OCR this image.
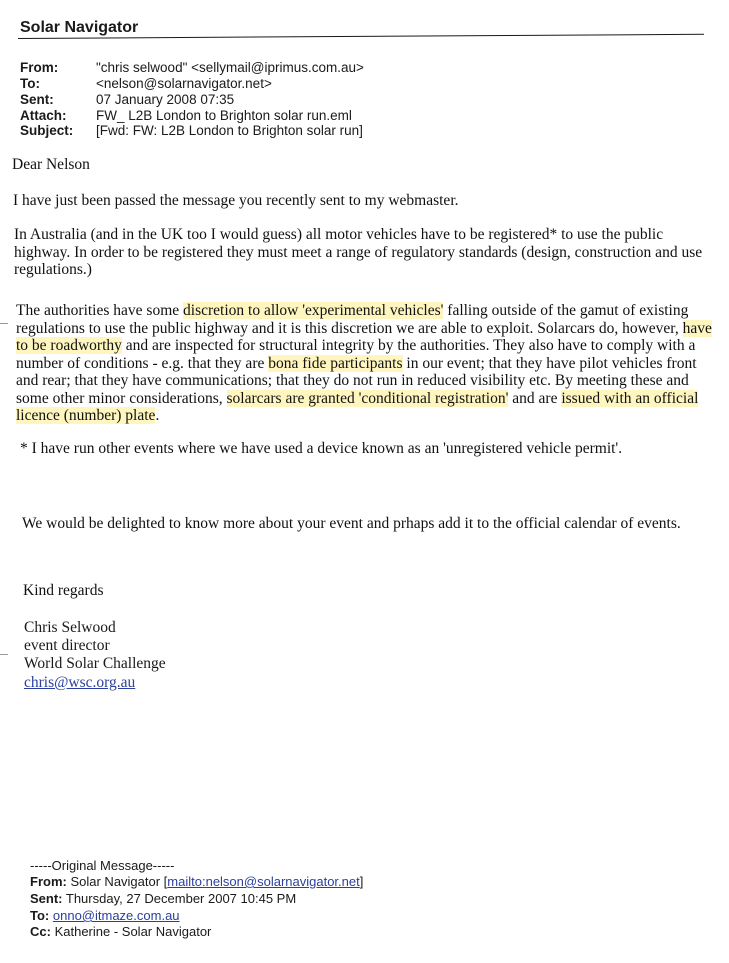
Solar Navigator
From:	"chris selwood" <sellymail@iprimus.com.au>
To:	<nelson@solarnavigator.net>
Sent:	07 January 2008 07:35
Attach: FW_ L2B London to Brighton solar run.eml
Subject: [Fwd: FW: L2B London to Brighton solar run]
Dear Nelson
I have just been passed the message you recently sent to my webmaster.
In Australia (and in the UK too I would guess) all motor vehicles have to be registered* to use the public highway. In order to be registered they must meet a range of regulatory standards (design, construction and use regulations.)
The authorities have some discretion to allow 'experimental vehicles' falling outside of the gamut of existing regulations to use the public highway and it is this discretion we are able to exploit. Solarcars do, however, have to be roadworthy and are inspected for structural integrity by the authorities. They also have to comply with a number of conditions - e.g. that they are bona fide participants in our event; that they have pilot vehicles front and rear; that they have communications; that they do not run in reduced visibility etc. By meeting these and some other minor considerations, solarcars are granted 'conditional registration' and are issued with an official licence (number) plate.
* I have run other events where we have used a device known as an 'unregistered vehicle permit'.
We would be delighted to know more about your event and prhaps add it to the official calendar of events.
Kind regards
Chris Selwood
event director
World Solar Challenge
chris@wsc.org.au
-----Original Message-----
From: Solar Navigator [mailto:nelson@solarnavigator.net]
Sent: Thursday, 27 December 2007 10:45 PM
To: onno@itmaze.com.au
Cc: Katherine - Solar Navigator
